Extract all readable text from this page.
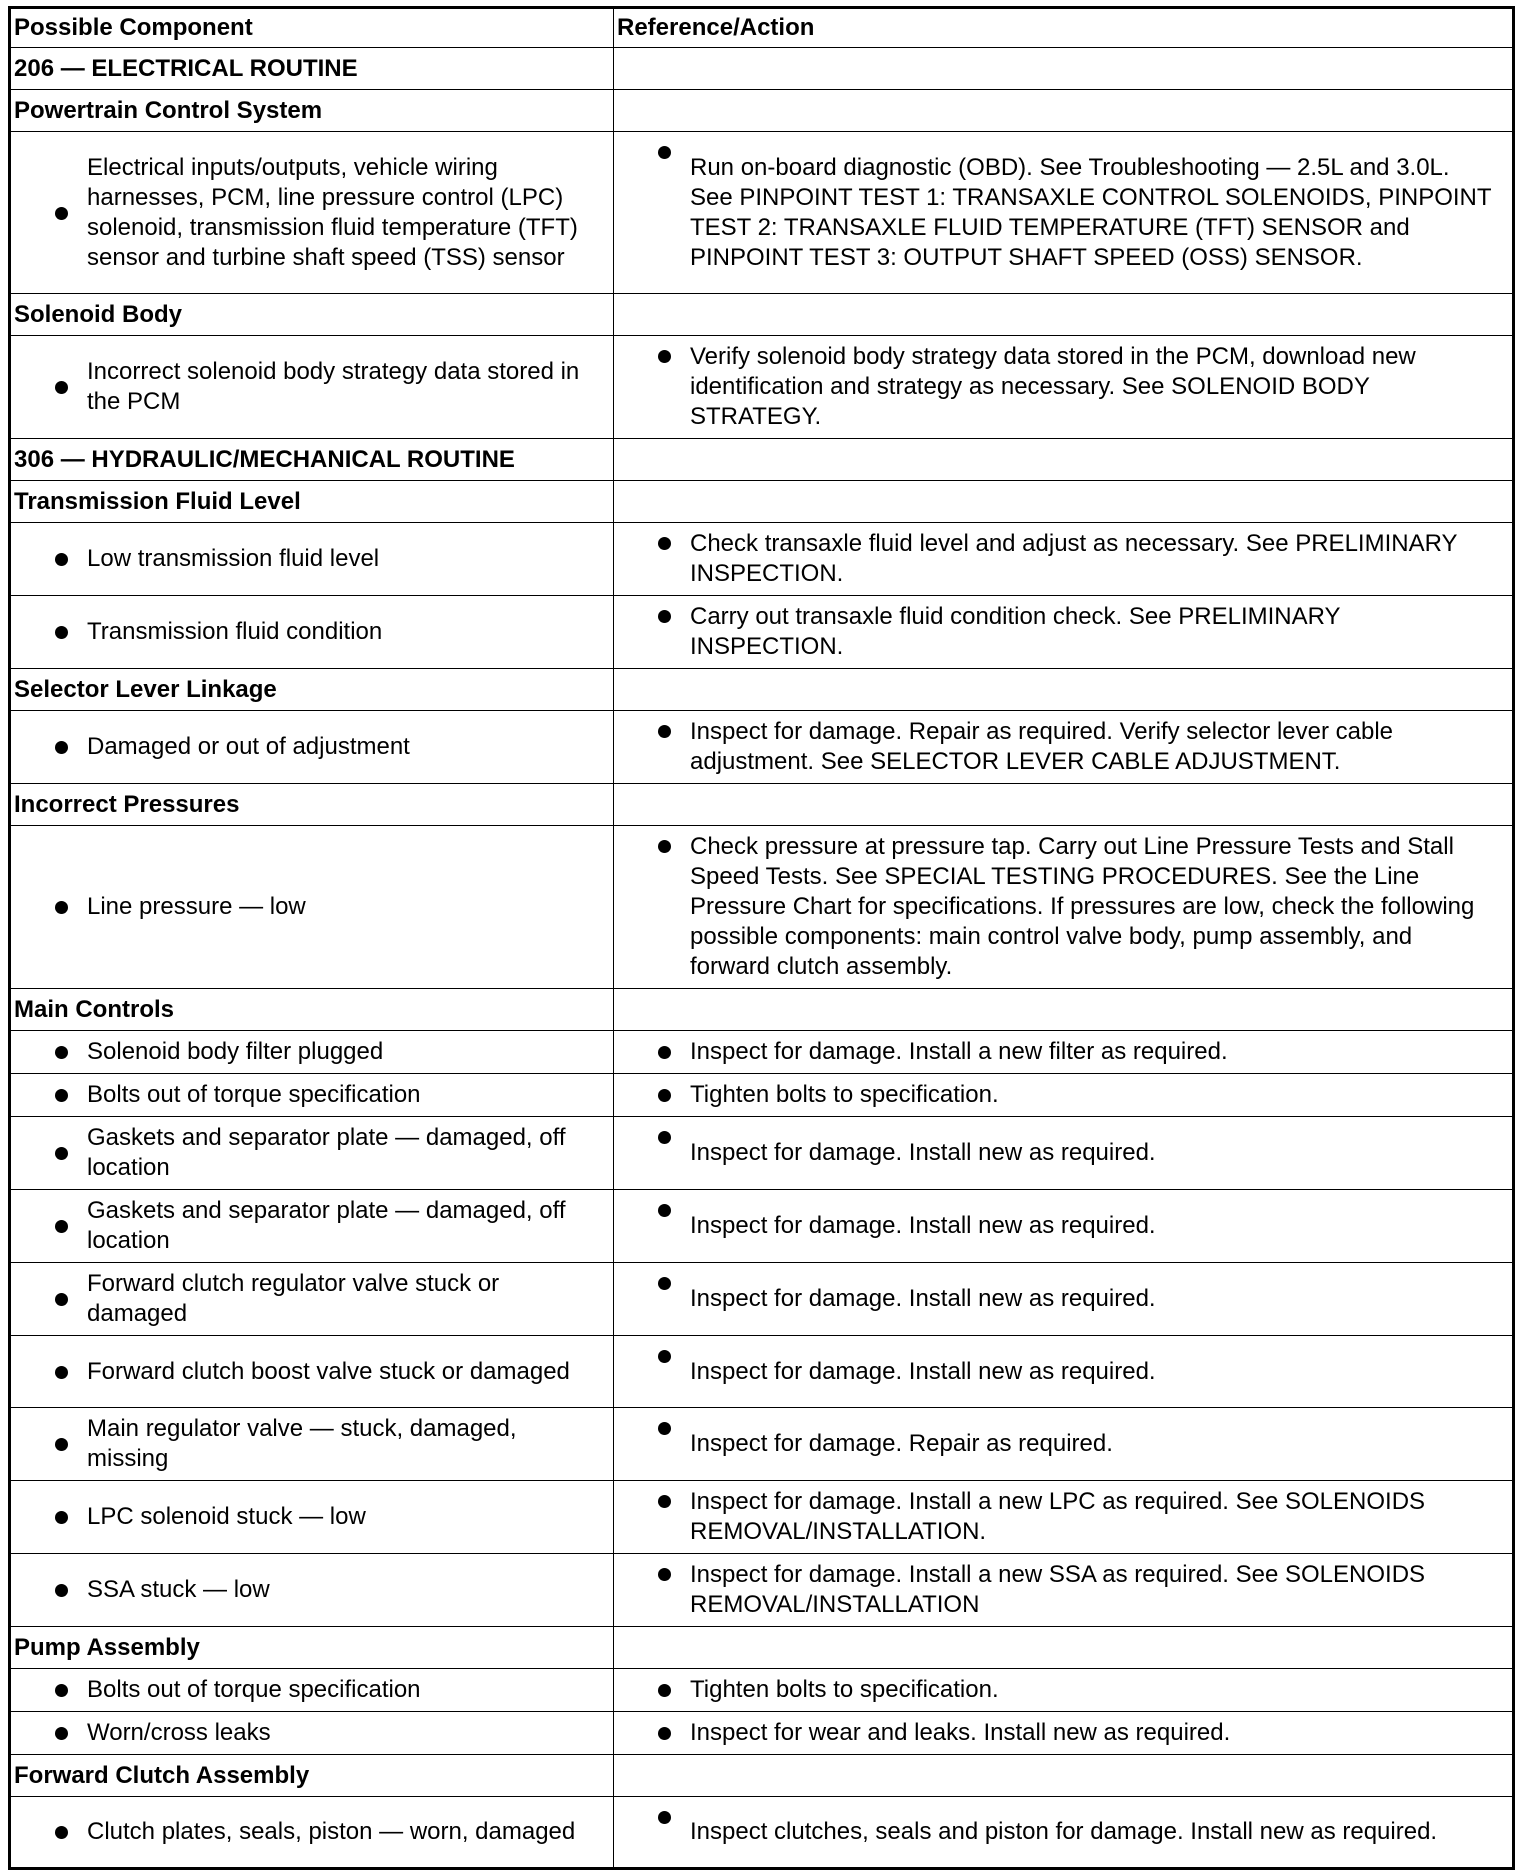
Possible Component	Reference/Action
206 — ELECTRICAL ROUTINE	
Powertrain Control System	
Electrical inputs/outputs, vehicle wiring harnesses, PCM, line pressure control (LPC) solenoid, transmission fluid temperature (TFT) sensor and turbine shaft speed (TSS) sensor	Run on-board diagnostic (OBD). See Troubleshooting — 2.5L and 3.0L. See PINPOINT TEST 1: TRANSAXLE CONTROL SOLENOIDS, PINPOINT TEST 2: TRANSAXLE FLUID TEMPERATURE (TFT) SENSOR and PINPOINT TEST 3: OUTPUT SHAFT SPEED (OSS) SENSOR.
Solenoid Body	
Incorrect solenoid body strategy data stored in the PCM	Verify solenoid body strategy data stored in the PCM, download new identification and strategy as necessary. See SOLENOID BODY STRATEGY.
306 — HYDRAULIC/MECHANICAL ROUTINE	
Transmission Fluid Level	
Low transmission fluid level	Check transaxle fluid level and adjust as necessary. See PRELIMINARY INSPECTION.
Transmission fluid condition	Carry out transaxle fluid condition check. See PRELIMINARY INSPECTION.
Selector Lever Linkage	
Damaged or out of adjustment	Inspect for damage. Repair as required. Verify selector lever cable adjustment. See SELECTOR LEVER CABLE ADJUSTMENT.
Incorrect Pressures	
Line pressure — low	Check pressure at pressure tap. Carry out Line Pressure Tests and Stall Speed Tests. See SPECIAL TESTING PROCEDURES. See the Line Pressure Chart for specifications. If pressures are low, check the following possible components: main control valve body, pump assembly, and forward clutch assembly.
Main Controls	
Solenoid body filter plugged	Inspect for damage. Install a new filter as required.
Bolts out of torque specification	Tighten bolts to specification.
Gaskets and separator plate — damaged, off location	Inspect for damage. Install new as required.
Gaskets and separator plate — damaged, off location	Inspect for damage. Install new as required.
Forward clutch regulator valve stuck or damaged	Inspect for damage. Install new as required.
Forward clutch boost valve stuck or damaged	Inspect for damage. Install new as required.
Main regulator valve — stuck, damaged, missing	Inspect for damage. Repair as required.
LPC solenoid stuck — low	Inspect for damage. Install a new LPC as required. See SOLENOIDS REMOVAL/INSTALLATION.
SSA stuck — low	Inspect for damage. Install a new SSA as required. See SOLENOIDS REMOVAL/INSTALLATION
Pump Assembly	
Bolts out of torque specification	Tighten bolts to specification.
Worn/cross leaks	Inspect for wear and leaks. Install new as required.
Forward Clutch Assembly	
Clutch plates, seals, piston — worn, damaged	Inspect clutches, seals and piston for damage. Install new as required.
